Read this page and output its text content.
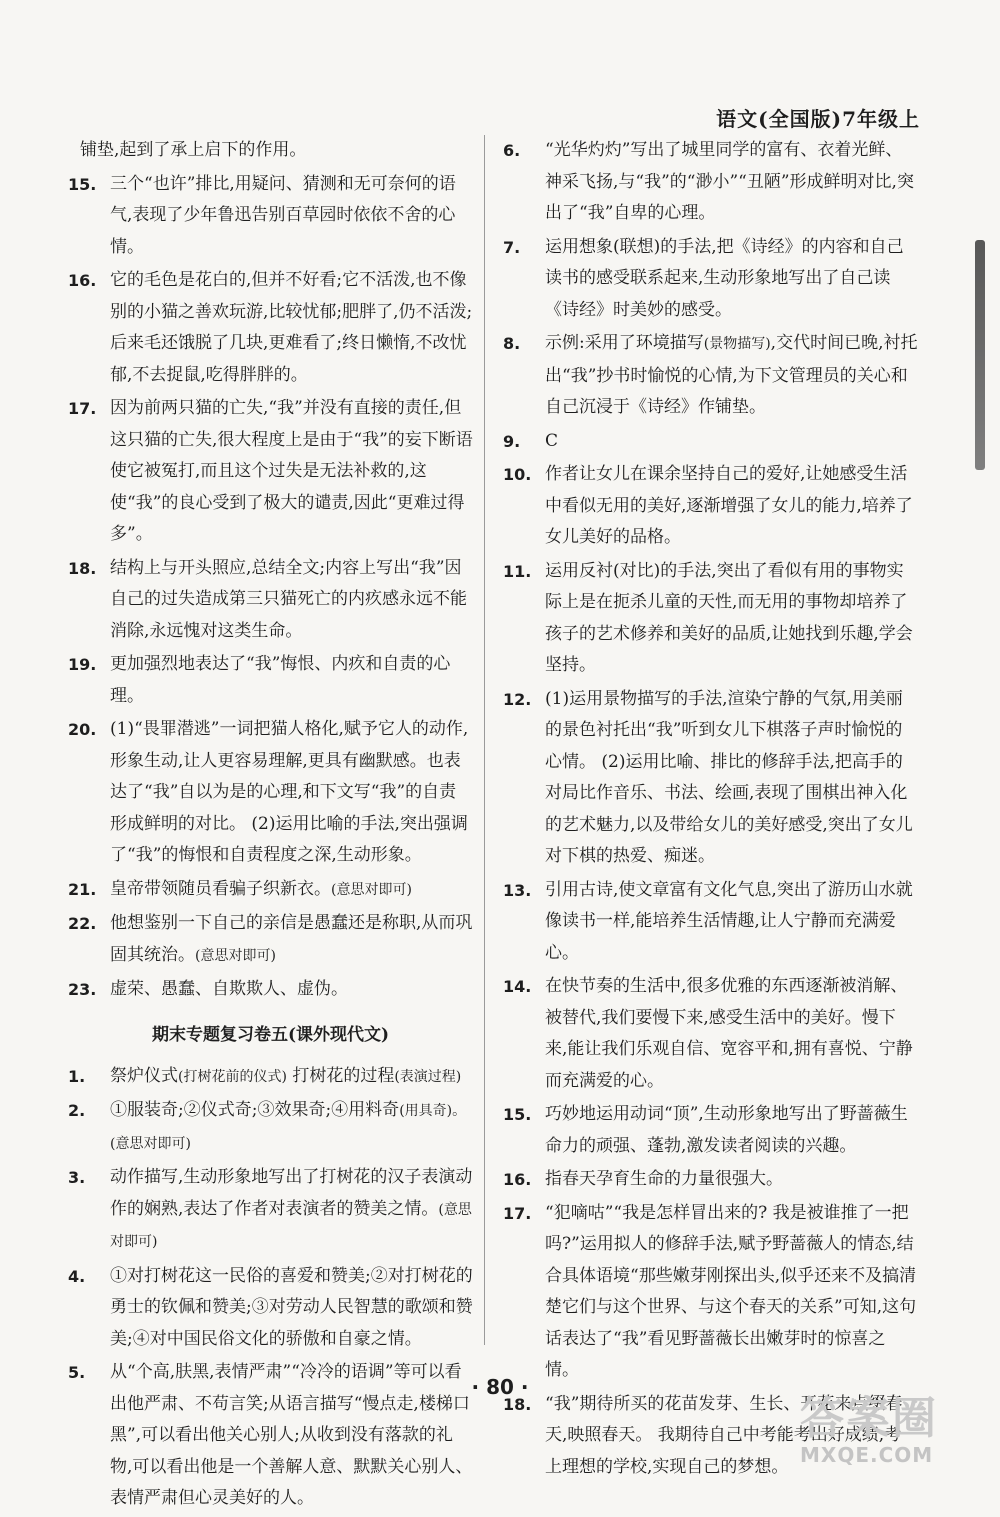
语文(全国版)7年级上
铺垫,起到了承上启下的作用。
15. 三个“也许”排比,用疑问、猜测和无可奈何的语气,表现了少年鲁迅告别百草园时依依不舍的心情。
16. 它的毛色是花白的,但并不好看;它不活泼,也不像别的小猫之善欢玩游,比较忧郁;肥胖了,仍不活泼;后来毛还饿脱了几块,更难看了;终日懒惰,不改忧郁,不去捉鼠,吃得胖胖的。
17. 因为前两只猫的亡失,“我”并没有直接的责任,但这只猫的亡失,很大程度上是由于“我”的妄下断语使它被冤打,而且这个过失是无法补救的,这使“我”的良心受到了极大的谴责,因此“更难过得多”。
18. 结构上与开头照应,总结全文;内容上写出“我”因自己的过失造成第三只猫死亡的内疚感永远不能消除,永远愧对这类生命。
19. 更加强烈地表达了“我”悔恨、内疚和自责的心理。
20. (1)“畏罪潜逃”一词把猫人格化,赋予它人的动作,形象生动,让人更容易理解,更具有幽默感。也表达了“我”自以为是的心理,和下文写“我”的自责形成鲜明的对比。 (2)运用比喻的手法,突出强调了“我”的悔恨和自责程度之深,生动形象。
21. 皇帝带领随员看骗子织新衣。(意思对即可)
22. 他想鉴别一下自己的亲信是愚蠢还是称职,从而巩固其统治。(意思对即可)
23. 虚荣、愚蠢、自欺欺人、虚伪。
期末专题复习卷五(课外现代文)
1. 祭炉仪式(打树花前的仪式) 打树花的过程(表演过程)
2. ①服装奇;②仪式奇;③效果奇;④用料奇(用具奇)。(意思对即可)
3. 动作描写,生动形象地写出了打树花的汉子表演动作的娴熟,表达了作者对表演者的赞美之情。(意思对即可)
4. ①对打树花这一民俗的喜爱和赞美;②对打树花的勇士的钦佩和赞美;③对劳动人民智慧的歌颂和赞美;④对中国民俗文化的骄傲和自豪之情。
5. 从“个高,肤黑,表情严肃”“冷冷的语调”等可以看出他严肃、不苟言笑;从语言描写“慢点走,楼梯口黑”,可以看出他关心别人;从收到没有落款的礼物,可以看出他是一个善解人意、默默关心别人、表情严肃但心灵美好的人。
6. “光华灼灼”写出了城里同学的富有、衣着光鲜、神采飞扬,与“我”的“渺小”“丑陋”形成鲜明对比,突出了“我”自卑的心理。
7. 运用想象(联想)的手法,把《诗经》的内容和自己读书的感受联系起来,生动形象地写出了自己读《诗经》时美妙的感受。
8. 示例:采用了环境描写(景物描写),交代时间已晚,衬托出“我”抄书时愉悦的心情,为下文管理员的关心和自己沉浸于《诗经》作铺垫。
9. C
10. 作者让女儿在课余坚持自己的爱好,让她感受生活中看似无用的美好,逐渐增强了女儿的能力,培养了女儿美好的品格。
11. 运用反衬(对比)的手法,突出了看似有用的事物实际上是在扼杀儿童的天性,而无用的事物却培养了孩子的艺术修养和美好的品质,让她找到乐趣,学会坚持。
12. (1)运用景物描写的手法,渲染宁静的气氛,用美丽的景色衬托出“我”听到女儿下棋落子声时愉悦的心情。 (2)运用比喻、排比的修辞手法,把高手的对局比作音乐、书法、绘画,表现了围棋出神入化的艺术魅力,以及带给女儿的美好感受,突出了女儿对下棋的热爱、痴迷。
13. 引用古诗,使文章富有文化气息,突出了游历山水就像读书一样,能培养生活情趣,让人宁静而充满爱心。
14. 在快节奏的生活中,很多优雅的东西逐渐被消解、被替代,我们要慢下来,感受生活中的美好。慢下来,能让我们乐观自信、宽容平和,拥有喜悦、宁静而充满爱的心。
15. 巧妙地运用动词“顶”,生动形象地写出了野蔷薇生命力的顽强、蓬勃,激发读者阅读的兴趣。
16. 指春天孕育生命的力量很强大。
17. “犯嘀咕”“我是怎样冒出来的? 我是被谁推了一把吗?”运用拟人的修辞手法,赋予野蔷薇人的情态,结合具体语境“那些嫩芽刚探出头,似乎还来不及搞清楚它们与这个世界、与这个春天的关系”可知,这句话表达了“我”看见野蔷薇长出嫩芽时的惊喜之情。
18. “我”期待所买的花苗发芽、生长、开花来点缀春天,映照春天。 我期待自己中考能考出好成绩,考上理想的学校,实现自己的梦想。
· 80 ·
答案圈
MXQE.COM
